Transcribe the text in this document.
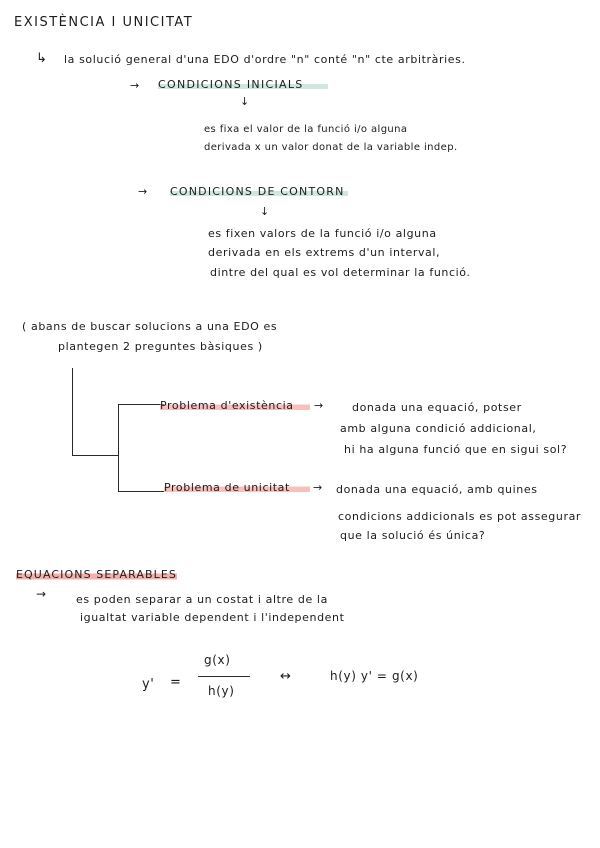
EXISTÈNCIA I UNICITAT
↳ la solució general d'una EDO d'ordre "n" conté "n" cte arbitràries.
→ CONDICIONS INICIALS
↓
es fixa el valor de la funció i/o alguna
derivada x un valor donat de la variable indep.
→ CONDICIONS DE CONTORN
↓
es fixen valors de la funció i/o alguna
derivada en els extrems d'un interval,
dintre del qual es vol determinar la funció.
( abans de buscar solucions a una EDO es
plantegen 2 preguntes bàsiques )
Problema d'existència	→	donada una equació, potser
amb alguna condició addicional,
hi ha alguna funció que en sigui sol?
Problema de unicitat	→ donada una equació, amb quines
condicions addicionals es pot assegurar
que la solució és única?
EQUACIONS SEPARABLES
→	es poden separar a un costat i altre de la
igualtat variable dependent i l'independent
y' =
g(x)
h(y)
↔	h(y) y' = g(x)
